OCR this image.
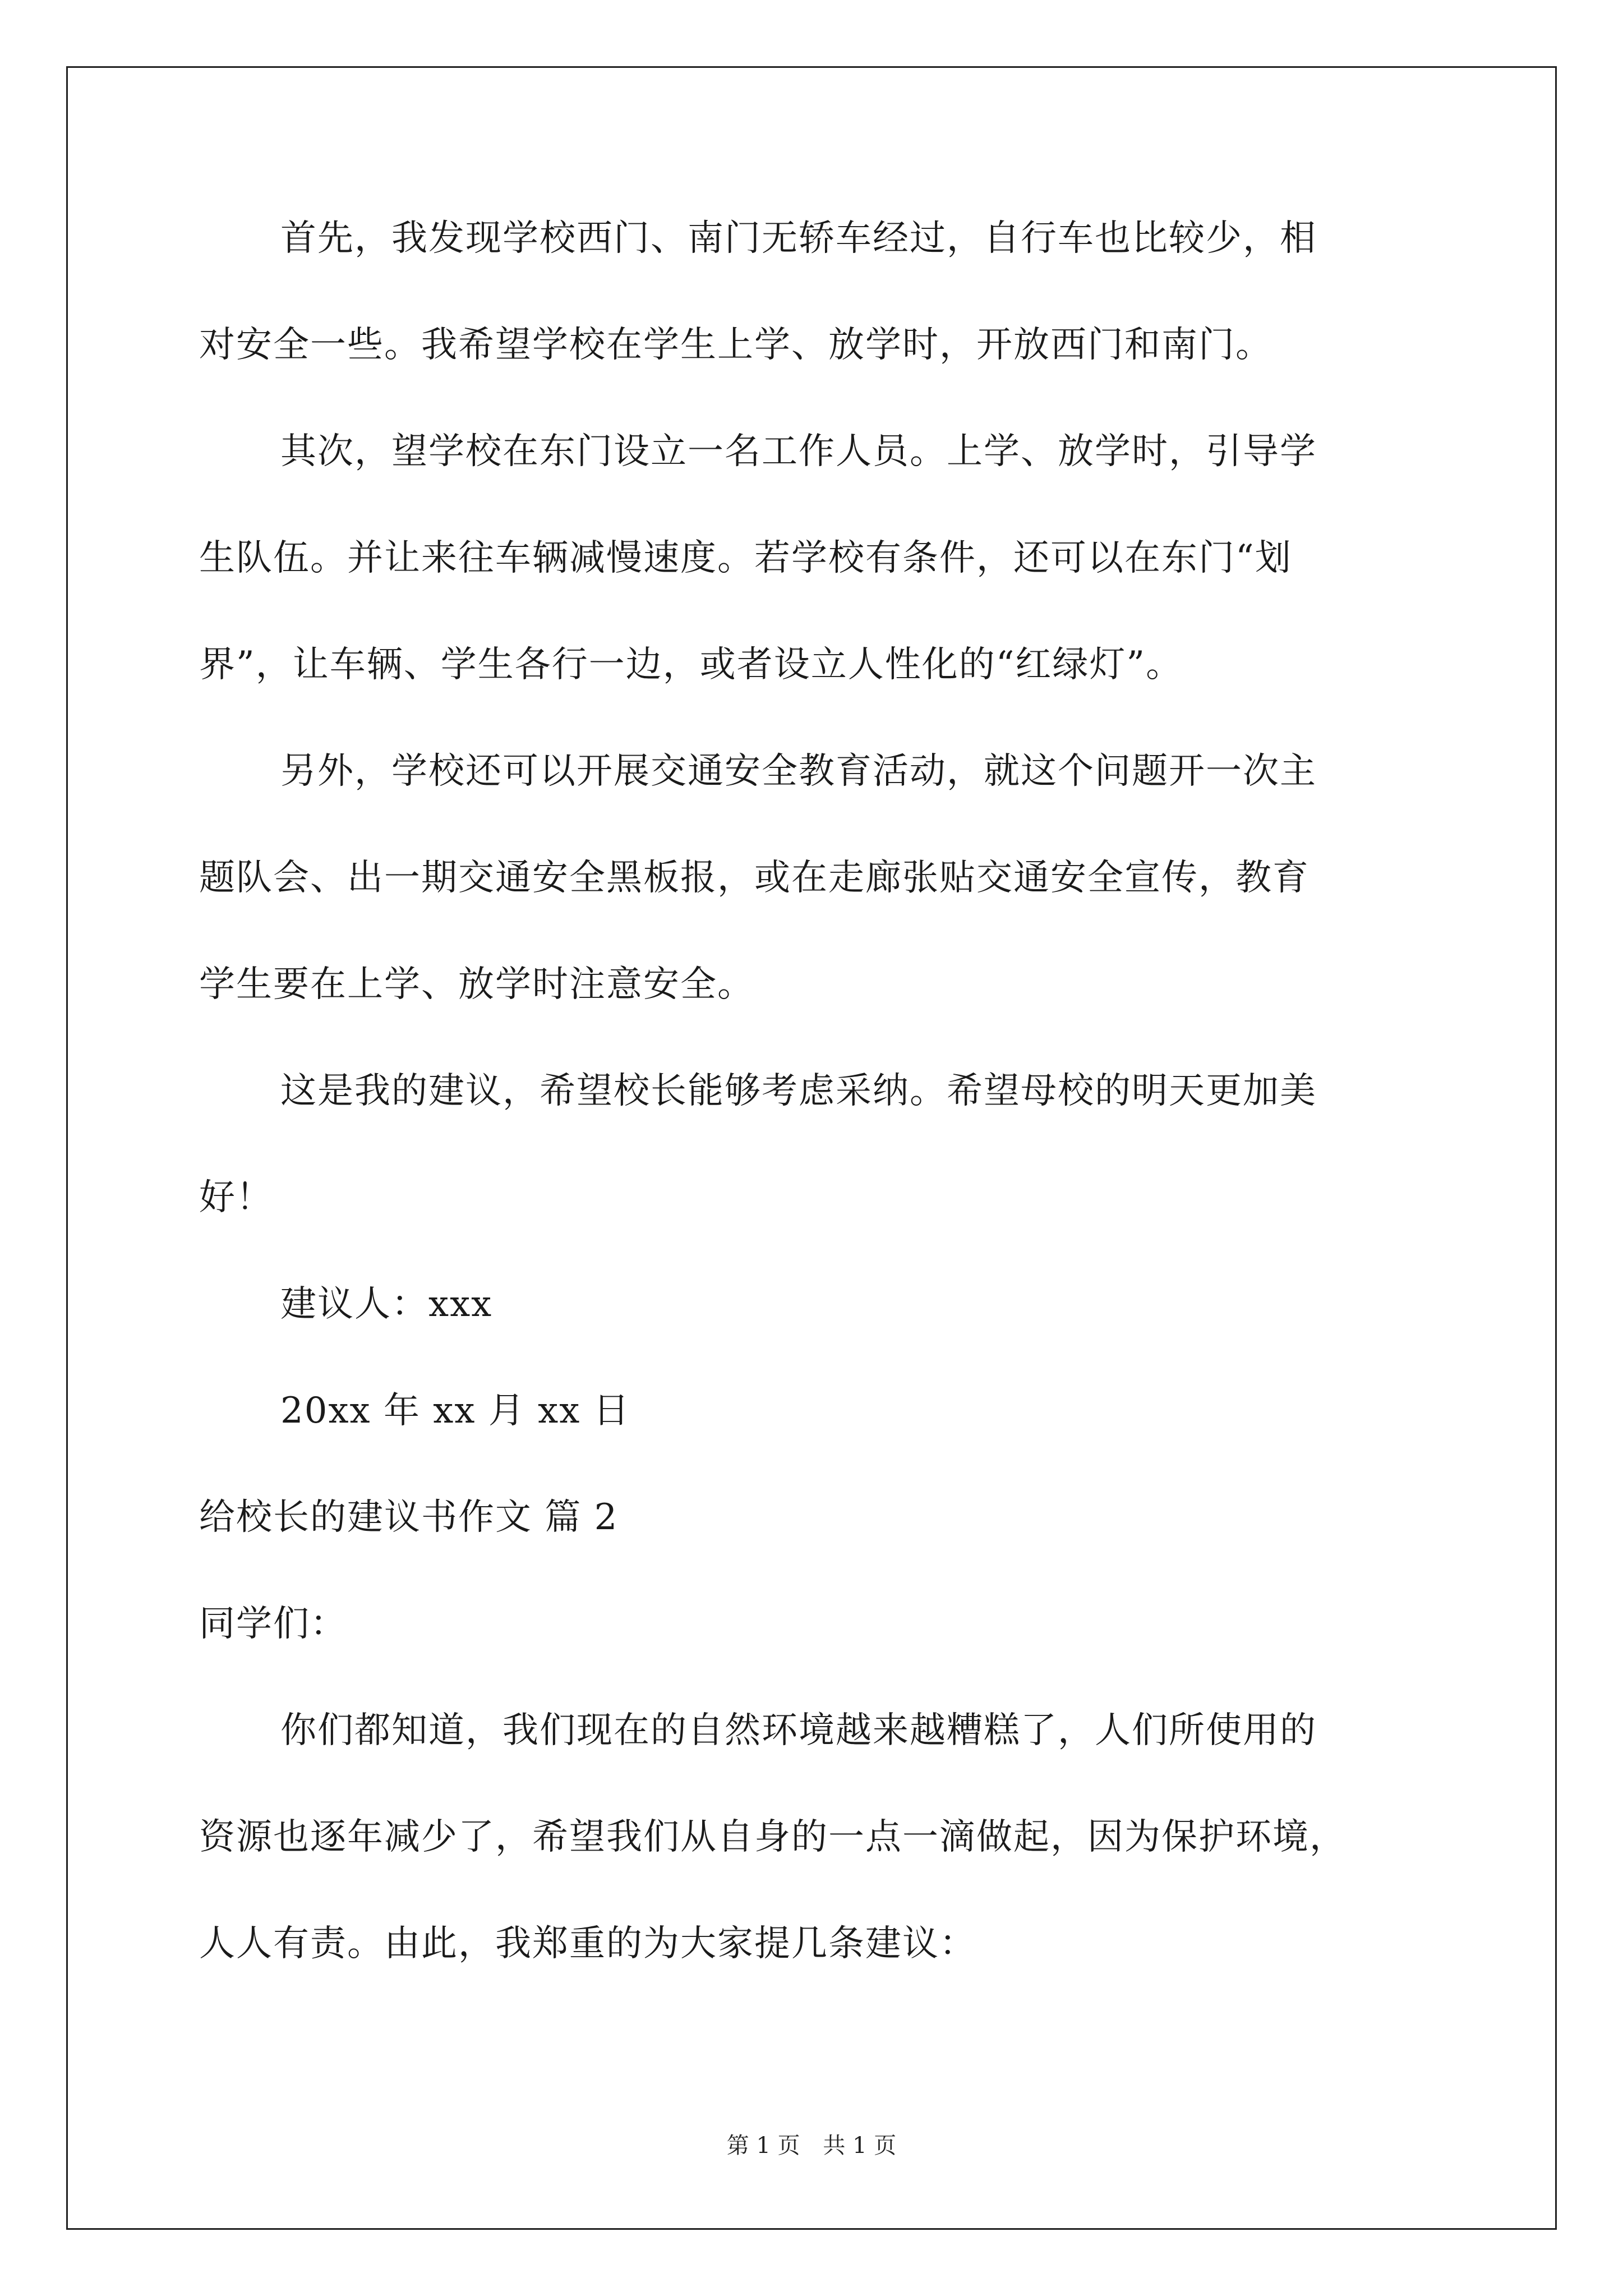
首先，我发现学校西门、南门无轿车经过，自行车也比较少，相
对安全一些。我希望学校在学生上学、放学时，开放西门和南门。
其次，望学校在东门设立一名工作人员。上学、放学时，引导学
生队伍。并让来往车辆减慢速度。若学校有条件，还可以在东门“划
界”，让车辆、学生各行一边，或者设立人性化的“红绿灯”。
另外，学校还可以开展交通安全教育活动，就这个问题开一次主
题队会、出一期交通安全黑板报，或在走廊张贴交通安全宣传，教育
学生要在上学、放学时注意安全。
这是我的建议，希望校长能够考虑采纳。希望母校的明天更加美
好！
建议人：xxx
20xx 年 xx 月 xx 日
给校长的建议书作文 篇 2
同学们：
你们都知道，我们现在的自然环境越来越糟糕了，人们所使用的
资源也逐年减少了，希望我们从自身的一点一滴做起，因为保护环境，
人人有责。由此，我郑重的为大家提几条建议：
第 1 页 共 1 页
